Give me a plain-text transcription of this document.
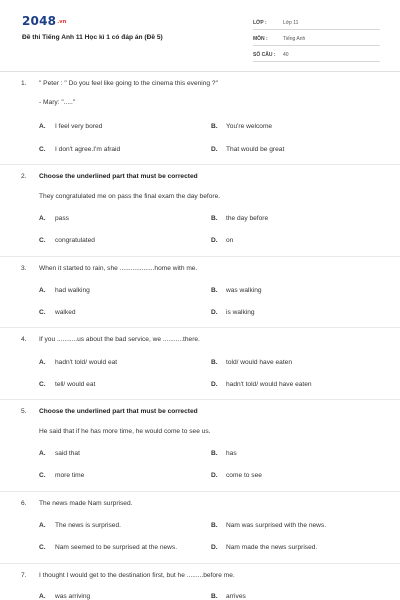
2048.vn
Đề thi Tiếng Anh 11 Học kì 1 có đáp án (Đề 5)
LỚP :	Lớp 11
MÔN :	Tiếng Anh
SỐ CÂU :	40
1. " Peter : " Do you feel like going to the cinema this evening ?"
- Mary: "....."
A. I feel very bored	B. You're welcome
C. I don't agree.I'm afraid	D. That would be great
2. Choose the underlined part that must be corrected
They congratulated me on pass the final exam the day before.
A. pass	B. the day before
C. congratulated	D. on
3. When it started to rain, she ...................home with me.
A. had walking	B. was walking
C. walked	D. is walking
4. If you ...........us about the bad service, we ...........there.
A. hadn't told/ would eat	B. told/ would have eaten
C. tell/ would eat	D. hadn't told/ would have eaten
5. Choose the underlined part that must be corrected
He said that if he has more time, he would come to see us.
A. said that	B. has
C. more time	D. come to see
6. The news made Nam surprised.
A. The news is surprised.	B. Nam was surprised with the news.
C. Nam seemed to be surprised at the news.	D. Nam made the news surprised.
7. I thought I would get to the destination first, but he .........before me.
A. was arriving	B. arrives
